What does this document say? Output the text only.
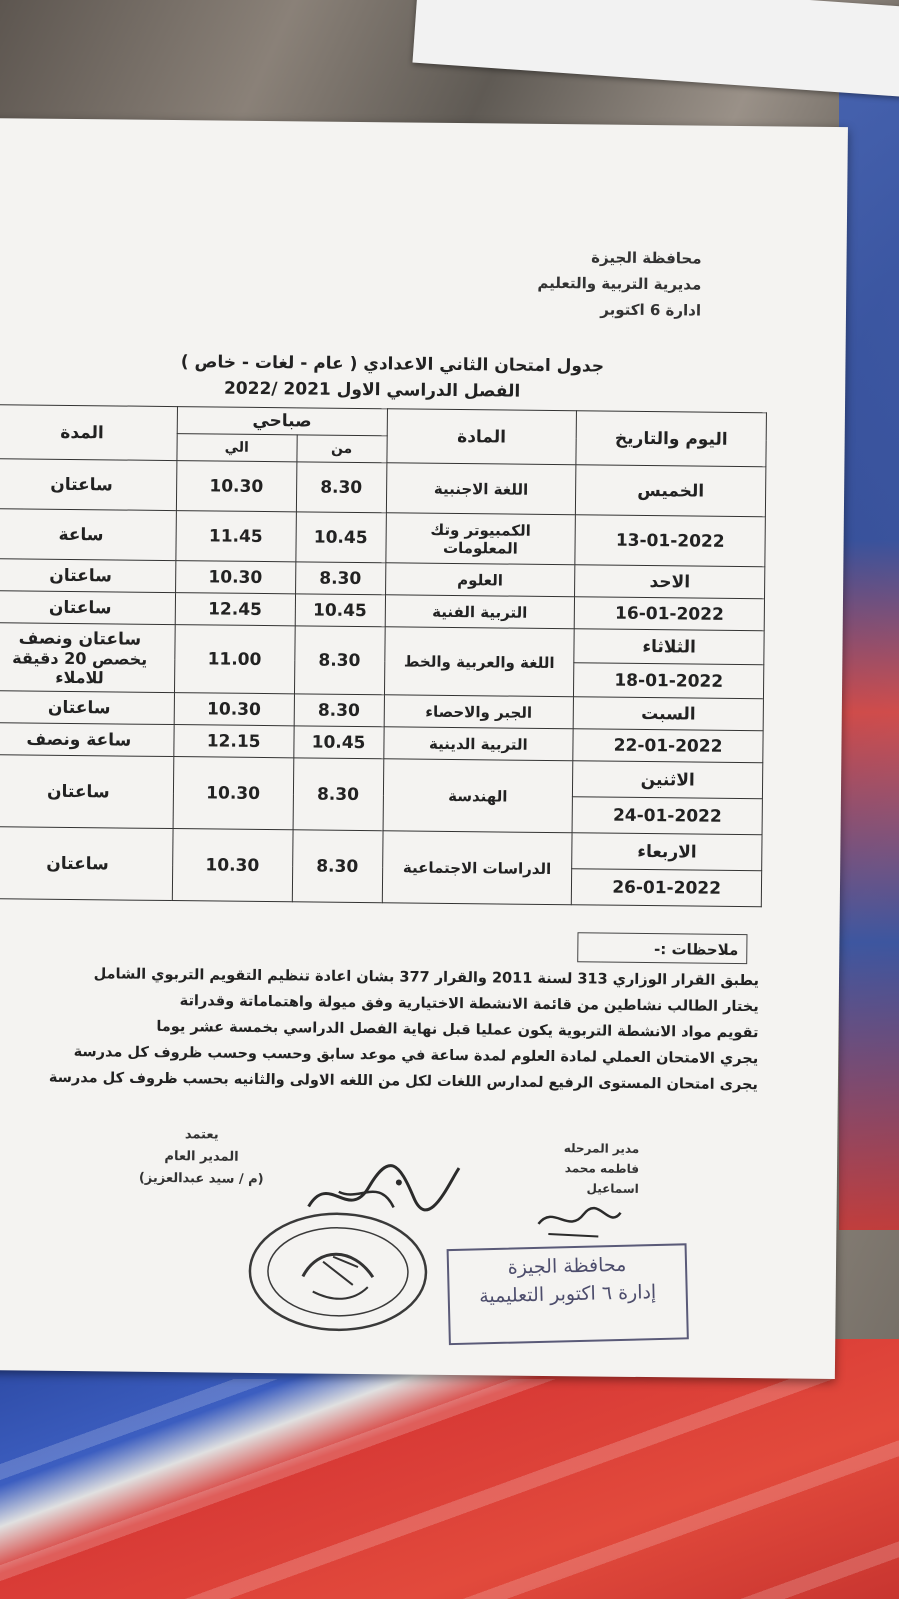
محافظة الجيزة
مديرية التربية والتعليم
ادارة 6 اكتوبر
جدول امتحان الثاني الاعدادي ( عام - لغات - خاص )
الفصل الدراسي الاول 2021 /2022
اليوم والتاريخ	المادة	صباحي		المدة
		من	الي	
الخميس	اللغة الاجنبية	8.30	10.30	ساعتان
13-01-2022	الكمبيوتر وتك المعلومات	10.45	11.45	ساعة
الاحد	العلوم	8.30	10.30	ساعتان
16-01-2022	التربية الفنية	10.45	12.45	ساعتان
الثلاثاء	اللغة والعربية والخط	8.30	11.00	ساعتان ونصف
يخصص 20 دقيقة للاملاء

18-01-2022				
السبت	الجبر والاحصاء	8.30	10.30	ساعتان
22-01-2022	التربية الدينية	10.45	12.15	ساعة ونصف
الاثنين	الهندسة	8.30	10.30	ساعتان
24-01-2022				
الاربعاء	الدراسات الاجتماعية	8.30	10.30	ساعتان
26-01-2022				
ملاحظات :-
يطبق القرار الوزاري 313 لسنة 2011 والقرار 377 بشان اعادة تنظيم التقويم التربوي الشامل
يختار الطالب نشاطين من قائمة الانشطة الاختيارية وفق ميولة واهتماماتة وقدراتة
تقويم مواد الانشطة التربوية يكون عمليا قبل نهاية الفصل الدراسي بخمسة عشر يوما
يجري الامتحان العملي لمادة العلوم لمدة ساعة في موعد سابق وحسب وحسب ظروف كل مدرسة
يجرى امتحان المستوى الرفيع لمدارس اللغات لكل من اللغه الاولى والثانيه بحسب ظروف كل مدرسة
يعتمد
المدير العام
(م / سيد عبدالعزيز)
مدير المرحله
فاطمه محمد اسماعيل
محافظة الجيزة
إدارة ٦ اكتوبر التعليمية
